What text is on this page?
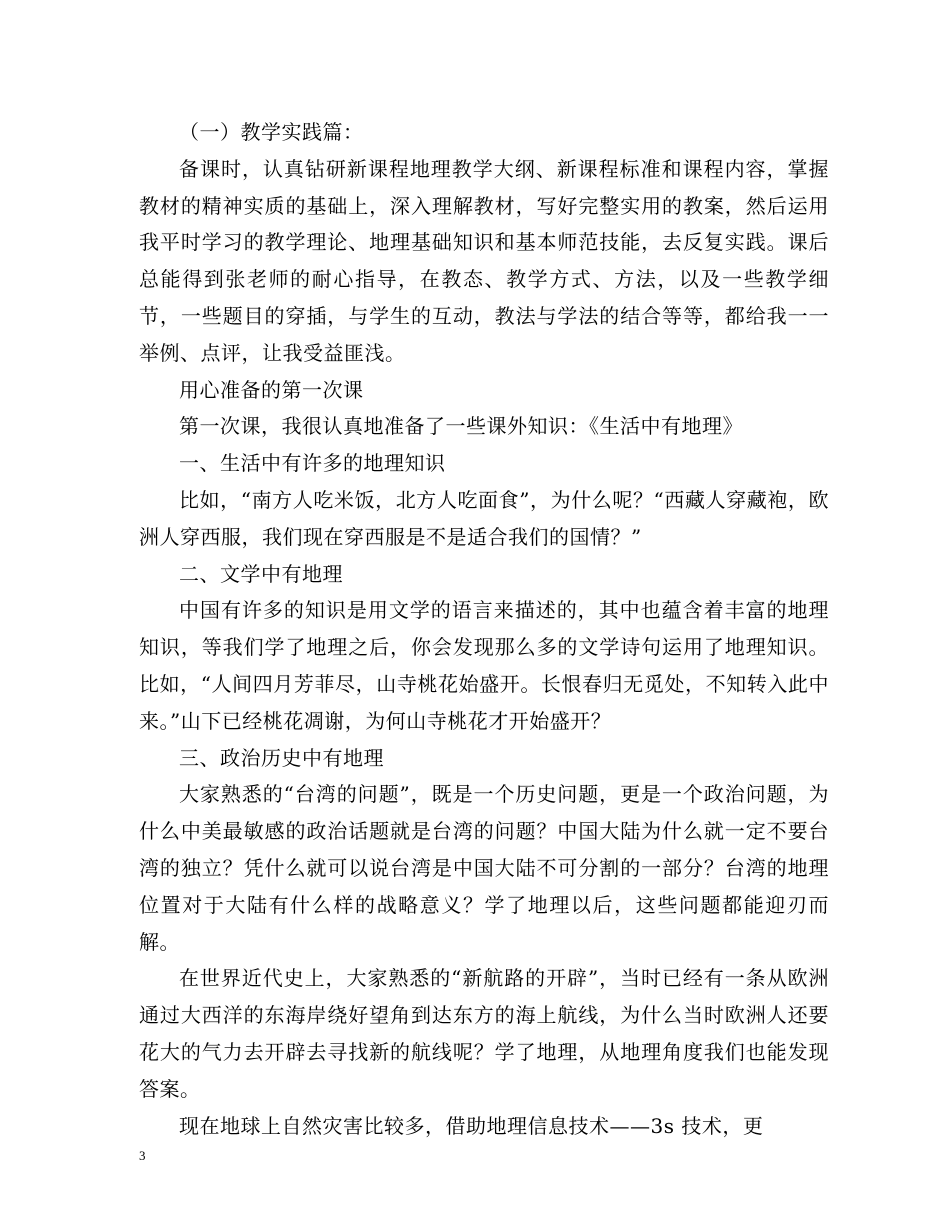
（一）教学实践篇：

备课时，认真钻研新课程地理教学大纲、新课程标准和课程内容，掌握教材的精神实质的基础上，深入理解教材，写好完整实用的教案，然后运用我平时学习的教学理论、地理基础知识和基本师范技能，去反复实践。课后总能得到张老师的耐心指导，在教态、教学方式、方法，以及一些教学细节，一些题目的穿插，与学生的互动，教法与学法的结合等等，都给我一一举例、点评，让我受益匪浅。

用心准备的第一次课

第一次课，我很认真地准备了一些课外知识：《生活中有地理》

一、生活中有许多的地理知识

比如，“南方人吃米饭，北方人吃面食”，为什么呢？“西藏人穿藏袍，欧洲人穿西服，我们现在穿西服是不是适合我们的国情？”

二、文学中有地理

中国有许多的知识是用文学的语言来描述的，其中也蕴含着丰富的地理知识，等我们学了地理之后，你会发现那么多的文学诗句运用了地理知识。比如，“人间四月芳菲尽，山寺桃花始盛开。长恨春归无觅处，不知转入此中来。”山下已经桃花凋谢，为何山寺桃花才开始盛开？

三、政治历史中有地理

大家熟悉的“台湾的问题”，既是一个历史问题，更是一个政治问题，为什么中美最敏感的政治话题就是台湾的问题？中国大陆为什么就一定不要台湾的独立？凭什么就可以说台湾是中国大陆不可分割的一部分？台湾的地理位置对于大陆有什么样的战略意义？学了地理以后，这些问题都能迎刃而解。

在世界近代史上，大家熟悉的“新航路的开辟”，当时已经有一条从欧洲通过大西洋的东海岸绕好望角到达东方的海上航线，为什么当时欧洲人还要花大的气力去开辟去寻找新的航线呢？学了地理，从地理角度我们也能发现答案。

现在地球上自然灾害比较多，借助地理信息技术——3s 技术，更

3
